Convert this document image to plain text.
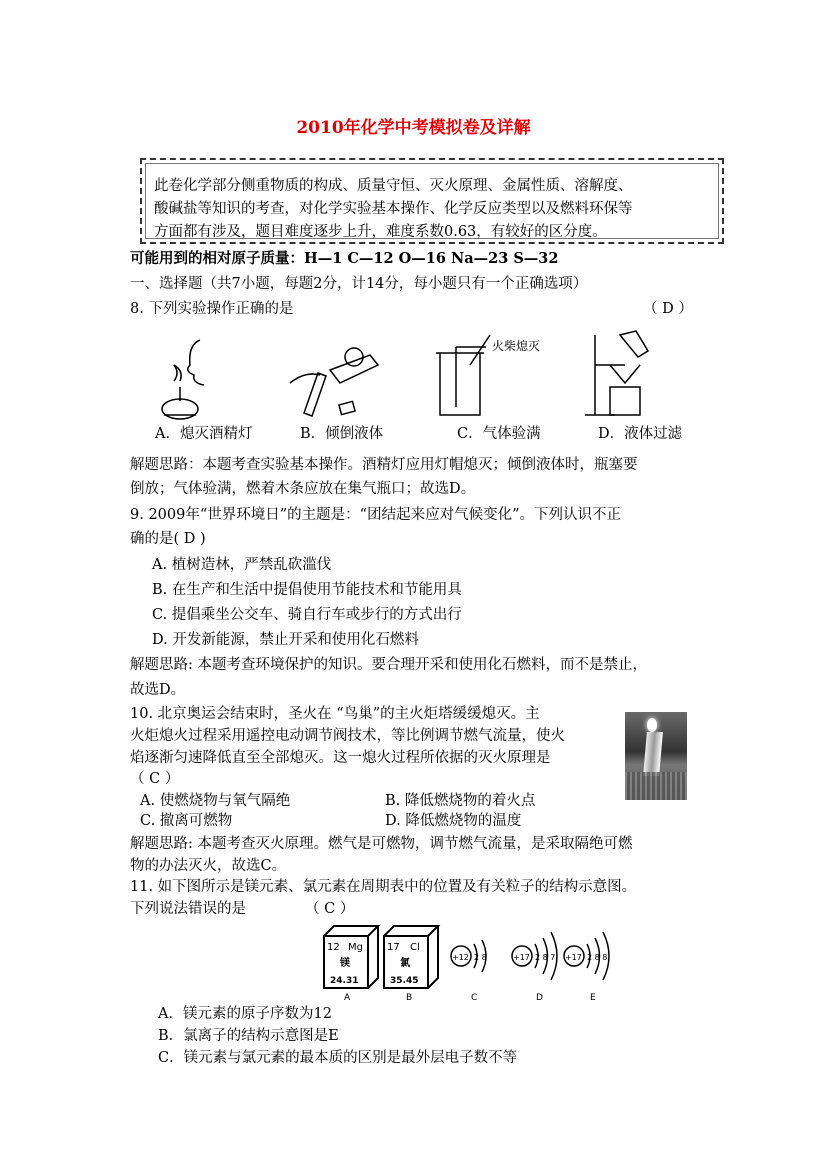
2010年化学中考模拟卷及详解
此卷化学部分侧重物质的构成、质量守恒、灭火原理、金属性质、溶解度、
酸碱盐等知识的考查，对化学实验基本操作、化学反应类型以及燃料环保等
方面都有涉及，题目难度逐步上升，难度系数0.63，有较好的区分度。
可能用到的相对原子质量：H—1 C—12 O—16 Na—23 S—32
一、选择题（共7小题，每题2分，计14分，每小题只有一个正确选项）
8. 下列实验操作正确的是	（ D ）
火柴熄灭
A．熄灭酒精灯	B．倾倒液体	C．气体验满	D．液体过滤
解题思路：本题考查实验基本操作。酒精灯应用灯帽熄灭；倾倒液体时，瓶塞要
倒放；气体验满，燃着木条应放在集气瓶口；故选D。
9. 2009年“世界环境日”的主题是：“团结起来应对气候变化”。下列认识不正
确的是( D )
A. 植树造林，严禁乱砍滥伐
B. 在生产和生活中提倡使用节能技术和节能用具
C. 提倡乘坐公交车、骑自行车或步行的方式出行
D. 开发新能源，禁止开采和使用化石燃料
解题思路: 本题考查环境保护的知识。要合理开采和使用化石燃料，而不是禁止，
故选D。
10. 北京奥运会结束时，圣火在 “鸟巢”的主火炬塔缓缓熄灭。主
火炬熄火过程采用遥控电动调节阀技术，等比例调节燃气流量，使火
焰逐渐匀速降低直至全部熄灭。这一熄火过程所依据的灭火原理是
（ C ）
A. 使燃烧物与氧气隔绝	B. 降低燃烧物的着火点
C. 撤离可燃物	D. 降低燃烧物的温度
解题思路: 本题考查灭火原理。燃气是可燃物，调节燃气流量，是采取隔绝可燃
物的办法灭火，故选C。
11. 如下图所示是镁元素、氯元素在周期表中的位置及有关粒子的结构示意图。
下列说法错误的是	（ C ）
12 Mg
镁
24.31
17 Cl
氯
35.45
+12 2 8	+17 2 8 7 +17 2 8 8
A	B	C	D	E
A．镁元素的原子序数为12
B．氯离子的结构示意图是E
C．镁元素与氯元素的最本质的区别是最外层电子数不等
